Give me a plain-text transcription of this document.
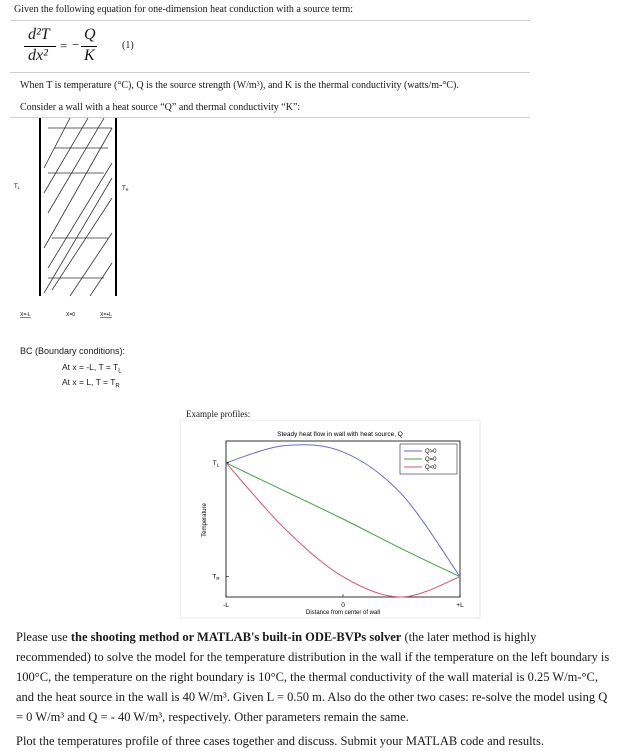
Given the following equation for one-dimension heat conduction with a source term:
d²T
dx²
= −
Q
K
(1)
When T is temperature (°C), Q is the source strength (W/m³), and K is the thermal conductivity (watts/m-°C).
Consider a wall with a heat source “Q” and thermal conductivity “K”:
TL	TR
X=-L	X=0	X=+L
BC (Boundary conditions):
At x = -L, $T = T_L$
At x = L, $T = T_R$
Example profiles:
Steady heat flow in wall with heat source, Q
-L	0	+L
$T_L$
$T_R$
Q>0
Q=0
Q<0
Distance from center of wall
Temperature
Please use the shooting method or MATLAB's built-in ODE-BVPs solver (the later method is highly recommended) to solve the model for the temperature distribution in the wall if the temperature on the left boundary is 100°C, the temperature on the right boundary is 10°C, the thermal conductivity of the wall material is 0.25 W/m-°C, and the heat source in the wall is 40 W/m³. Given L = 0.50 m. Also do the other two cases: re-solve the model using Q = 0 W/m³ and Q = - 40 W/m³, respectively. Other parameters remain the same.
Plot the temperatures profile of three cases together and discuss. Submit your MATLAB code and results.
